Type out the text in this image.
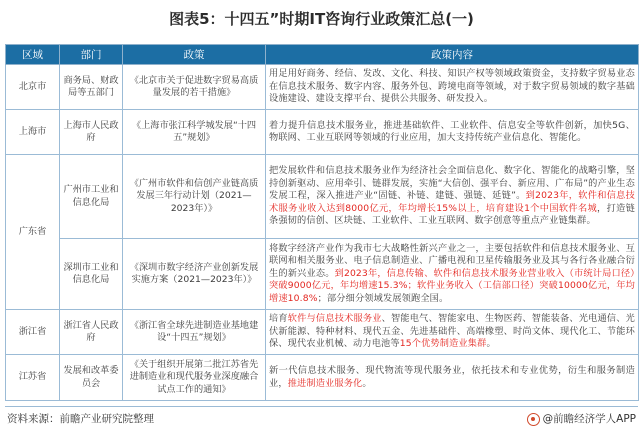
图表5：十四五”时期IT咨询行业政策汇总(一)
区域	部门	政策	政策内容
北京市	商务局、财政局等五部门	《北京市关于促进数字贸易高质量发展的若干措施》	用足用好商务、经信、发改、文化、科技、知识产权等领域政策资金，支持数字贸易业态在信息技术服务、数字内容、服务外包、跨境电商等领域，对于数字贸易领域的数字基础设施建设、建设支撑平台、提供公共服务、研发投入。
上海市	上海市人民政府	《上海市张江科学城发展“十四五”规划》	着力提升信息技术服务业，推进基础软件、工业软件、信息安全等软件创新，加快5G、物联网、工业互联网等领域的行业应用，加大支持传统产业信息化、智能化。
广东省	广州市工业和信息化局	《广州市软件和信创产业链高质发展三年行动计划（2021—2023年）》	把发展软件和信息技术服务业作为经济社会全面信息化、数字化、智能化的战略引擎，坚持创新驱动、应用牵引、链群发展，实施“大信创、强平台、新应用、广布局”的产业生态发展工程，深入推进产业“固链、补链、建链、强链、延链”。到2023年，软件和信息技术服务业收入达到8000亿元，年均增长15%以上，培育建设1个中国软件名城，打造链条强韧的信创、区块链、工业软件、工业互联网、数字创意等重点产业链集群。
	深圳市工业和信息化局	《深圳市数字经济产业创新发展实施方案（2021—2023年）》	将数字经济产业作为我市七大战略性新兴产业之一，主要包括软件和信息技术服务业、互联网和相关服务业、电子信息制造业、广播电视和卫星传输服务业及其与各行各业融合衍生的新兴业态。到2023年，信息传输、软件和信息技术服务业营业收入（市统计局口径）突破9000亿元，年均增速15.3%；软件业务收入（工信部口径）突破10000亿元，年均增速10.8%；部分细分领域发展领跑全国。
浙江省	浙江省人民政府	《浙江省全球先进制造业基地建设“十四五”规划》	培育软件与信息技术服务业、智能电气、智能家电、生物医药、智能装备、光电通信、光伏新能源、特种材料、现代五金、先进基础件、高端橡塑、时尚文体、现代化工、节能环保、现代农业机械、动力电池等15个优势制造业集群。
江苏省	发展和改革委员会	《关于组织开展第二批江苏省先进制造业和现代服务业深度融合试点工作的通知》	新一代信息技术服务、现代物流等现代服务业，依托技术和专业优势，衍生和服务制造业，推进制造业服务化。
资料来源：前瞻产业研究院整理	@前瞻经济学人APP
